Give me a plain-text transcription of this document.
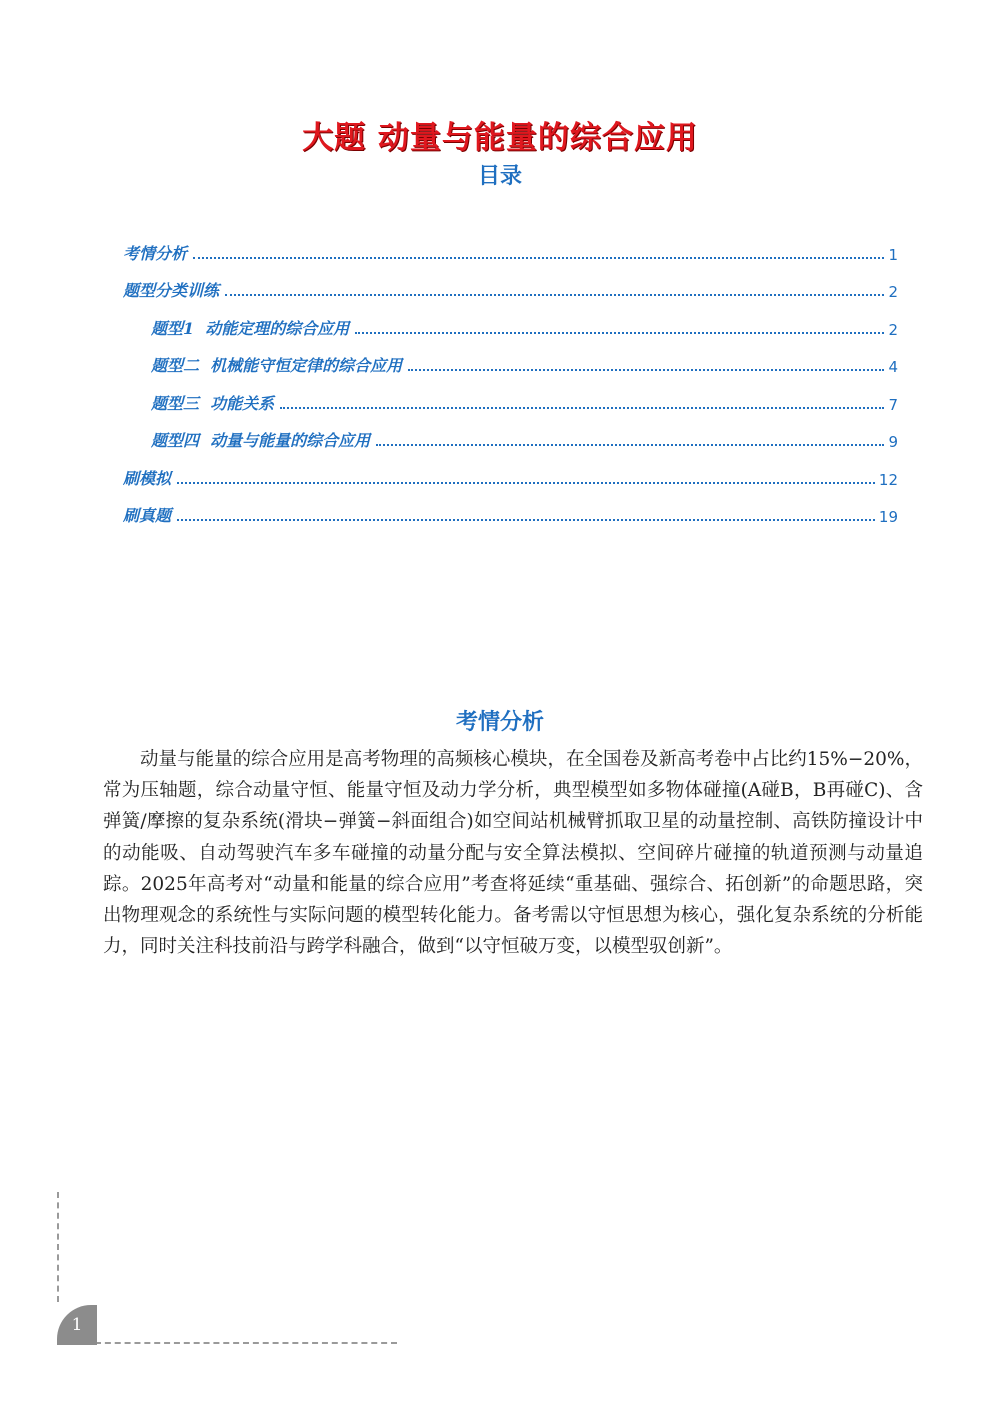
大题 动量与能量的综合应用
目录
考情分析	1
题型分类训练	2
题型1  动能定理的综合应用	2
题型二  机械能守恒定律的综合应用	4
题型三  功能关系	7
题型四  动量与能量的综合应用	9
刷模拟	12
刷真题	19
考情分析

动量与能量的综合应用是高考物理的高频核心模块，在全国卷及新高考卷中占比约15%−20%，常为压轴题，综合动量守恒、能量守恒及动力学分析，典型模型如多物体碰撞(A碰B，B再碰C)、含弹簧/摩擦的复杂系统(滑块−弹簧−斜面组合)如空间站机械臂抓取卫星的动量控制、高铁防撞设计中的动能吸、自动驾驶汽车多车碰撞的动量分配与安全算法模拟、空间碎片碰撞的轨道预测与动量追踪。2025年高考对“动量和能量的综合应用”考查将延续“重基础、强综合、拓创新”的命题思路，突出物理观念的系统性与实际问题的模型转化能力。备考需以守恒思想为核心，强化复杂系统的分析能力，同时关注科技前沿与跨学科融合，做到“以守恒破万变，以模型驭创新”。

1
